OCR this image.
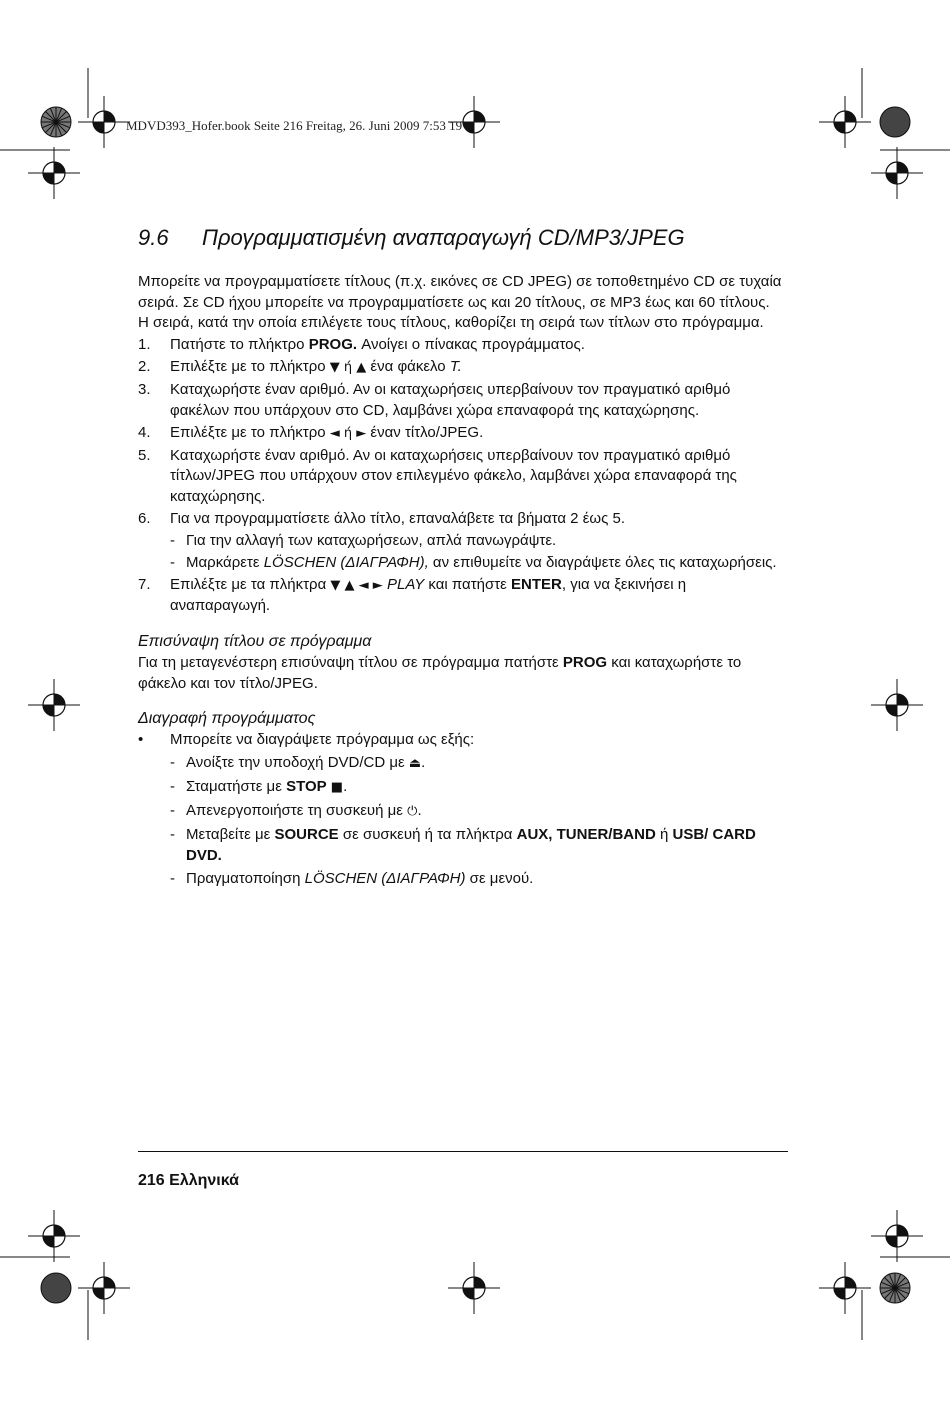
MDVD393_Hofer.book Seite 216 Freitag, 26. Juni 2009 7:53 19
9.6 Προγραμματισμένη αναπαραγωγή CD/MP3/JPEG

Μπορείτε να προγραμματίσετε τίτλους (π.χ. εικόνες σε CD JPEG) σε τοποθετημένο CD σε τυχαία σειρά. Σε CD ήχου μπορείτε να προγραμματίσετε ως και 20 τίτλους, σε MP3 έως και 60 τίτλους.

Η σειρά, κατά την οποία επιλέγετε τους τίτλους, καθορίζει τη σειρά των τίτλων στο πρόγραμμα.

1. Πατήστε το πλήκτρο PROG. Ανοίγει ο πίνακας προγράμματος.
2. Επιλέξτε με το πλήκτρο ▼ ή ▲ ένα φάκελο T.
3. Καταχωρήστε έναν αριθμό. Αν οι καταχωρήσεις υπερβαίνουν τον πραγματικό αριθμό φακέλων που υπάρχουν στο CD, λαμβάνει χώρα επαναφορά της καταχώρησης.
4. Επιλέξτε με το πλήκτρο ◄ ή ► έναν τίτλο/JPEG.
5. Καταχωρήστε έναν αριθμό. Αν οι καταχωρήσεις υπερβαίνουν τον πραγματικό αριθμό τίτλων/JPEG που υπάρχουν στον επιλεγμένο φάκελο, λαμβάνει χώρα επαναφορά της καταχώρησης.
6. Για να προγραμματίσετε άλλο τίτλο, επαναλάβετε τα βήματα 2 έως 5.
- Για την αλλαγή των καταχωρήσεων, απλά πανωγράψτε.
- Μαρκάρετε LÖSCHEN (ΔΙΑΓΡΑΦΗ), αν επιθυμείτε να διαγράψετε όλες τις καταχωρήσεις.
7. Επιλέξτε με τα πλήκτρα ▼ ▲ ◄ ► PLAY και πατήστε ENTER, για να ξεκινήσει η αναπαραγωγή.
Επισύναψη τίτλου σε πρόγραμμα

Για τη μεταγενέστερη επισύναψη τίτλου σε πρόγραμμα πατήστε PROG και καταχωρήστε το φάκελο και τον τίτλο/JPEG.

Διαγραφή προγράμματος
• Μπορείτε να διαγράψετε πρόγραμμα ως εξής:
- Ανοίξτε την υποδοχή DVD/CD με ⏏.
- Σταματήστε με STOP ■.
- Απενεργοποιήστε τη συσκευή με ⏻.
- Μεταβείτε με SOURCE σε συσκευή ή τα πλήκτρα AUX, TUNER/BAND ή USB/ CARD DVD.
- Πραγματοποίηση LÖSCHEN (ΔΙΑΓΡΑΦΗ) σε μενού.
216 Ελληνικά
